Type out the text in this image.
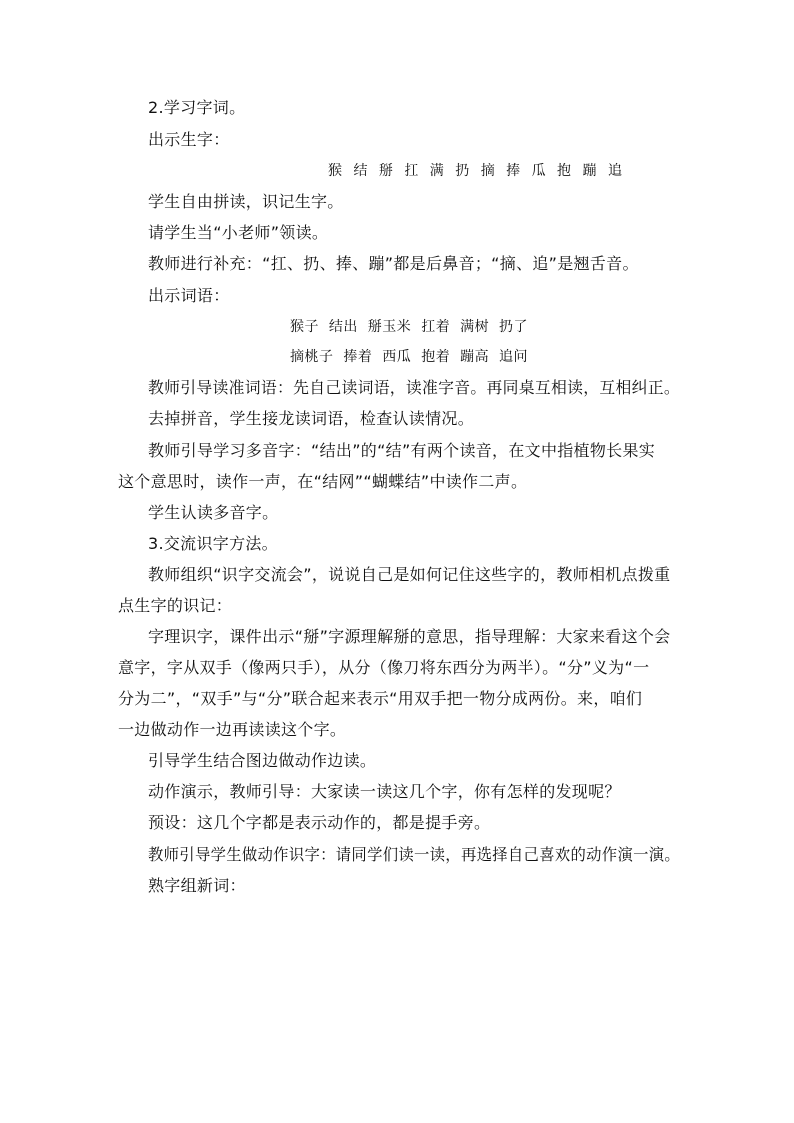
2.学习字词。
出示生字：
猴 结 掰 扛 满 扔 摘 捧 瓜 抱 蹦 追
学生自由拼读，识记生字。
请学生当“小老师”领读。
教师进行补充：“扛、扔、捧、蹦”都是后鼻音；“摘、追”是翘舌音。
出示词语：
猴子  结出  掰玉米  扛着  满树  扔了
摘桃子  捧着  西瓜  抱着  蹦高  追问
教师引导读准词语：先自己读词语，读准字音。再同桌互相读，互相纠正。
去掉拼音，学生接龙读词语，检查认读情况。
教师引导学习多音字：“结出”的“结”有两个读音，在文中指植物长果实
这个意思时，读作一声，在“结网”“蝴蝶结”中读作二声。
学生认读多音字。
3.交流识字方法。
教师组织“识字交流会”，说说自己是如何记住这些字的，教师相机点拨重
点生字的识记：
字理识字，课件出示“掰”字源理解掰的意思，指导理解：大家来看这个会
意字，字从双手（像两只手），从分（像刀将东西分为两半）。“分”义为“一
分为二”，“双手”与“分”联合起来表示“用双手把一物分成两份。来，咱们
一边做动作一边再读读这个字。
引导学生结合图边做动作边读。
动作演示，教师引导：大家读一读这几个字，你有怎样的发现呢？
预设：这几个字都是表示动作的，都是提手旁。
教师引导学生做动作识字：请同学们读一读，再选择自己喜欢的动作演一演。
熟字组新词：
